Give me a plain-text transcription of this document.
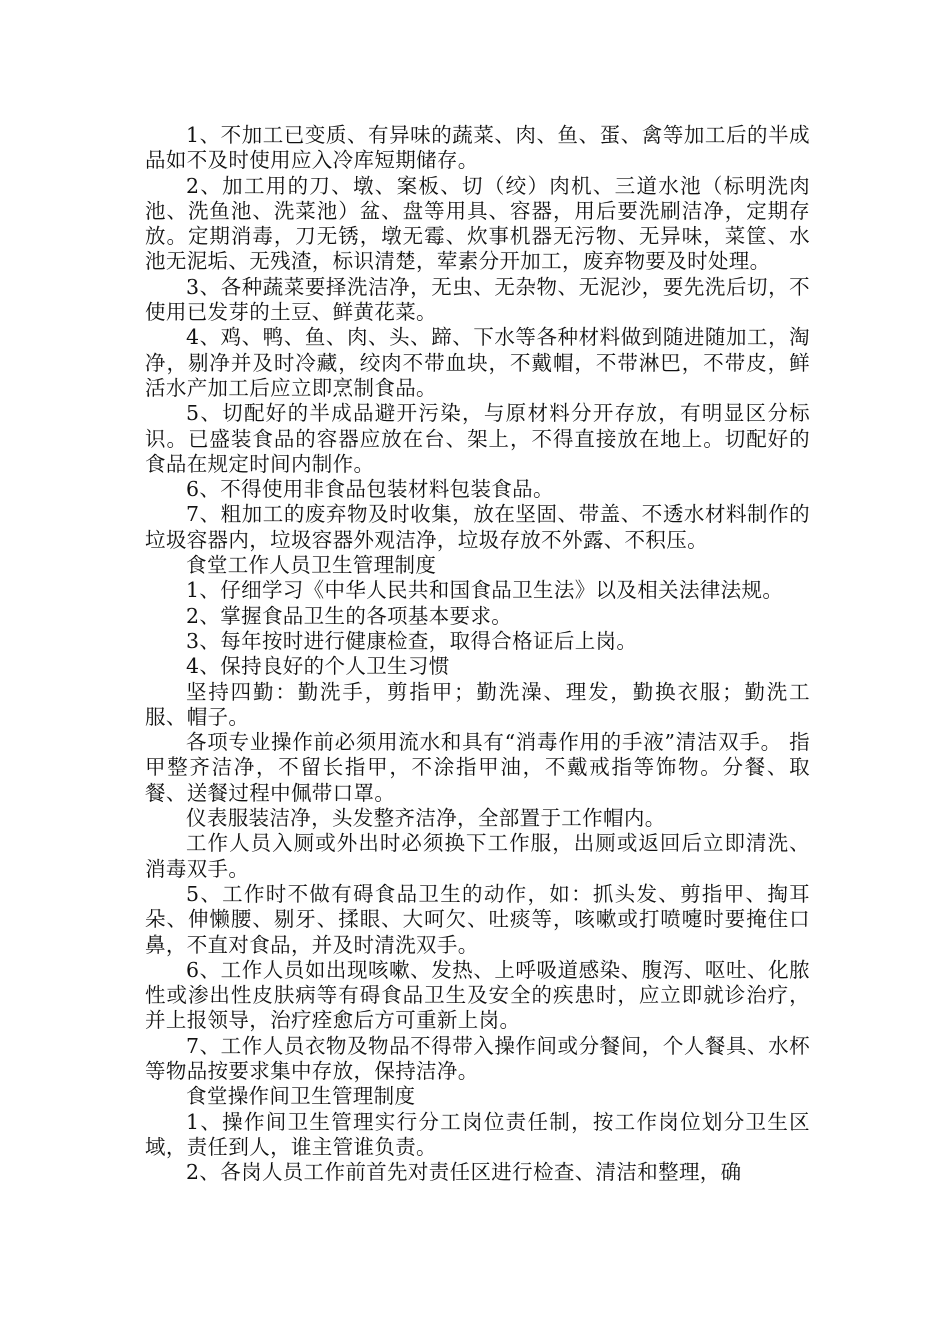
1、不加工已变质、有异味的蔬菜、肉、鱼、蛋、禽等加工后的半成品如不及时使用应入冷库短期储存。

2、加工用的刀、墩、案板、切（绞）肉机、三道水池（标明洗肉池、洗鱼池、洗菜池）盆、盘等用具、容器，用后要洗刷洁净，定期存放。定期消毒，刀无锈，墩无霉、炊事机器无污物、无异味，菜筐、水池无泥垢、无残渣，标识清楚，荤素分开加工，废弃物要及时处理。

3、各种蔬菜要择洗洁净，无虫、无杂物、无泥沙，要先洗后切，不使用已发芽的土豆、鲜黄花菜。

4、鸡、鸭、鱼、肉、头、蹄、下水等各种材料做到随进随加工，淘净，剔净并及时冷藏，绞肉不带血块，不戴帽，不带淋巴，不带皮，鲜活水产加工后应立即烹制食品。

5、切配好的半成品避开污染，与原材料分开存放，有明显区分标识。已盛装食品的容器应放在台、架上，不得直接放在地上。切配好的食品在规定时间内制作。

6、不得使用非食品包装材料包装食品。

7、粗加工的废弃物及时收集，放在坚固、带盖、不透水材料制作的垃圾容器内，垃圾容器外观洁净，垃圾存放不外露、不积压。

食堂工作人员卫生管理制度

1、仔细学习《中华人民共和国食品卫生法》以及相关法律法规。

2、掌握食品卫生的各项基本要求。

3、每年按时进行健康检查，取得合格证后上岗。

4、保持良好的个人卫生习惯

坚持四勤：勤洗手，剪指甲；勤洗澡、理发，勤换衣服；勤洗工服、帽子。

各项专业操作前必须用流水和具有“消毒作用的手液”清洁双手。 指甲整齐洁净，不留长指甲，不涂指甲油，不戴戒指等饰物。分餐、取餐、送餐过程中佩带口罩。

仪表服装洁净，头发整齐洁净，全部置于工作帽内。

工作人员入厕或外出时必须换下工作服，出厕或返回后立即清洗、消毒双手。

5、工作时不做有碍食品卫生的动作，如：抓头发、剪指甲、掏耳朵、伸懒腰、剔牙、揉眼、大呵欠、吐痰等，咳嗽或打喷嚏时要掩住口鼻，不直对食品，并及时清洗双手。

6、工作人员如出现咳嗽、发热、上呼吸道感染、腹泻、呕吐、化脓性或渗出性皮肤病等有碍食品卫生及安全的疾患时，应立即就诊治疗，并上报领导，治疗痊愈后方可重新上岗。

7、工作人员衣物及物品不得带入操作间或分餐间，个人餐具、水杯等物品按要求集中存放，保持洁净。

食堂操作间卫生管理制度

1、操作间卫生管理实行分工岗位责任制，按工作岗位划分卫生区域，责任到人，谁主管谁负责。

2、各岗人员工作前首先对责任区进行检查、清洁和整理，确
